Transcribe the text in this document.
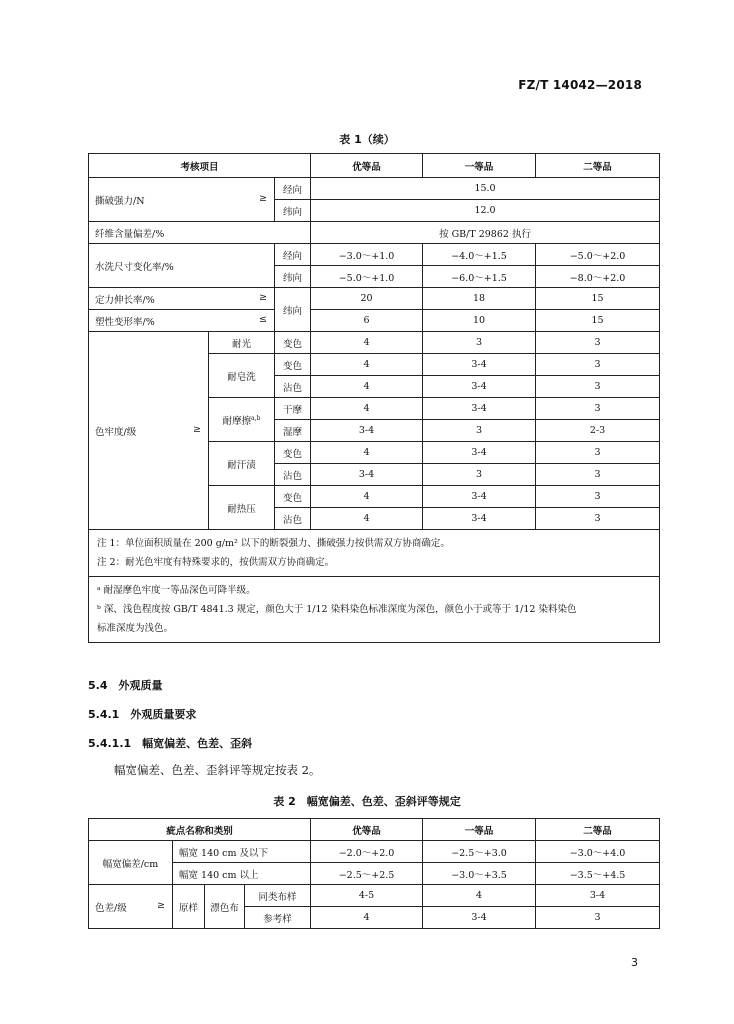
FZ/T 14042—2018
表 1（续）
考核项目			优等品	一等品	二等品
撕破强力/N ≥		经向	15.0		
		纬向	12.0		
纤维含量偏差/%			按 GB/T 29862 执行		
水洗尺寸变化率/%		经向	−3.0～+1.0	−4.0～+1.5	−5.0～+2.0
		纬向	−5.0～+1.0	−6.0～+1.5	−8.0～+2.0
定力伸长率/% ≥		纬向	20	18	15
塑性变形率/% ≤			6	10	15
色牢度/级 ≥	耐光	变色	4	3	3
	耐皂洗	变色	4	3-4	3
		沾色	4	3-4	3
	耐摩擦$^{a,b}$	干摩	4	3-4	3
		湿摩	3-4	3	2-3
	耐汗渍	变色	4	3-4	3
		沾色	3-4	3	3
	耐热压	变色	4	3-4	3
		沾色	4	3-4	3

注 1：单位面积质量在 200 g/m² 以下的断裂强力、撕破强力按供需双方协商确定。
注 2：耐光色牢度有特殊要求的，按供需双方协商确定。
ᵃ 耐湿摩色牢度一等品深色可降半级。
ᵇ 深、浅色程度按 GB/T 4841.3 规定，颜色大于 1/12 染料染色标准深度为深色，颜色小于或等于 1/12 染料染色
标准深度为浅色。					
5.4　外观质量
5.4.1　外观质量要求
5.4.1.1　幅宽偏差、色差、歪斜
幅宽偏差、色差、歪斜评等规定按表 2。
表 2　幅宽偏差、色差、歪斜评等规定
疵点名称和类别				优等品	一等品	二等品
幅宽偏差/cm	幅宽 140 cm 及以下			−2.0～+2.0	−2.5～+3.0	−3.0～+4.0
	幅宽 140 cm 以上			−2.5～+2.5	−3.0～+3.5	−3.5～+4.5
色差/级 ≥	原样	漂色布	同类布样	4-5	4	3-4
			参考样	4	3-4	3
3
